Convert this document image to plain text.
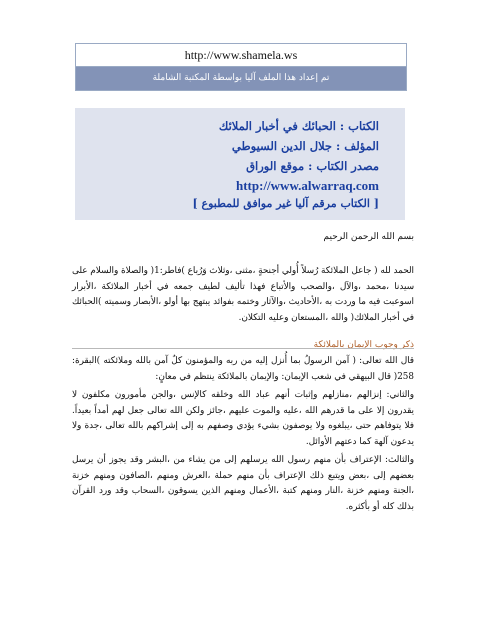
http://www.shamela.ws
تم إعداد هذا الملف آليا بواسطة المكتبة الشاملة
الكتاب : الحبائك في أخبار الملائك
المؤلف : جلال الدين السيوطي
مصدر الكتاب : موقع الوراق
http://www.alwarraq.com
[ الكتاب مرقم آليا غير موافق للمطبوع ]
بسم الله الرحمن الرحيم
الحمد لله ( جاعل الملائكة رُسلاً أُولي أجنحةٍ ،مثنى ،وثلاث وَرُباع )فاطر:1( والصلاة والسلام على سيدنا ،محمد ،والآل ،والصحب والأتباع فهذا تأليف لطيف جمعه في أخبار الملائكة ،الأبرار اسوعبت فيه ما وردت به ،الأحاديث ،والآثار وختمه بفوائد يبتهج بها أولو ،الأبصار وسميته )الحبائك في أخبار الملائك( والله ،المستعان وعليه التكلان.
ذكر وجوب الإيمان بالملائكة
قال الله تعالى: ( آمن الرسولُ بما أُنزل إليه من ربه والمؤمنون كلٌ آمن بالله وملائكته )البقرة: 258( قال البيهقي في شعب الإيمان: والإيمان بالملائكة ينتظم في معانٍ:
والثاني: إنزالهم ،منازلهم وإثبات أنهم عباد الله وخلقه كالإنس ،والجن مأمورون مكلفون لا يقدرون إلا على ما قدرهم الله ،عليه والموت عليهم ،جائز ولكن الله تعالى جعل لهم أمداً بعيداً. فلا يتوفاهم حتى ،يبلغوه ولا يوصفون بشيء يؤدي وصفهم به إلى إشراكهم بالله تعالى ،جدة ولا يدعون آلهة كما دعتهم الأوائل.
والثالث: الإعتراف بأن منهم رسول الله يرسلهم إلى من يشاء من ،البشر وقد يجوز أن يرسل بعضهم إلى ،بعض ويتبع ذلك الإعتراف بأن منهم حملة ،العرش ومنهم ،الصافون ومنهم خزنة ،الجنة ومنهم خزنة ،النار ومنهم كتبة ،الأعمال ومنهم الذين يسوقون ،السحاب وقد ورد القرآن بذلك كله أو بأكثره.
